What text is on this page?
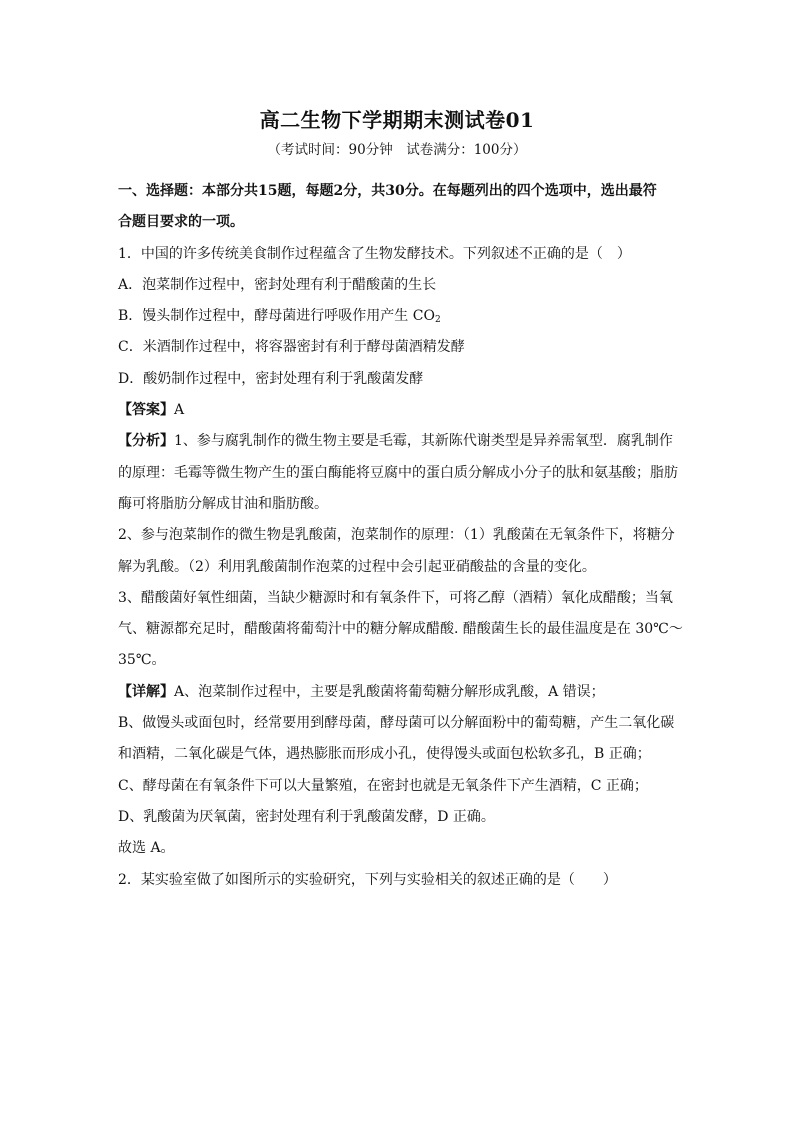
高二生物下学期期末测试卷01
（考试时间：90分钟　试卷满分：100分）
一、选择题：本部分共15题，每题2分，共30分。在每题列出的四个选项中，选出最符
合题目要求的一项。
1．中国的许多传统美食制作过程蕴含了生物发酵技术。下列叙述不正确的是（　）
A．泡菜制作过程中，密封处理有利于醋酸菌的生长
B．馒头制作过程中，酵母菌进行呼吸作用产生 $CO_2$
C．米酒制作过程中，将容器密封有利于酵母菌酒精发酵
D．酸奶制作过程中，密封处理有利于乳酸菌发酵
【答案】A
【分析】1、参与腐乳制作的微生物主要是毛霉，其新陈代谢类型是异养需氧型．腐乳制作
的原理：毛霉等微生物产生的蛋白酶能将豆腐中的蛋白质分解成小分子的肽和氨基酸；脂肪
酶可将脂肪分解成甘油和脂肪酸。
2、参与泡菜制作的微生物是乳酸菌，泡菜制作的原理：（1）乳酸菌在无氧条件下，将糖分
解为乳酸。（2）利用乳酸菌制作泡菜的过程中会引起亚硝酸盐的含量的变化。
3、醋酸菌好氧性细菌，当缺少糖源时和有氧条件下，可将乙醇（酒精）氧化成醋酸；当氧
气、糖源都充足时，醋酸菌将葡萄汁中的糖分解成醋酸. 醋酸菌生长的最佳温度是在 30℃～
35℃。
【详解】A、泡菜制作过程中，主要是乳酸菌将葡萄糖分解形成乳酸，A 错误；
B、做馒头或面包时，经常要用到酵母菌，酵母菌可以分解面粉中的葡萄糖，产生二氧化碳
和酒精，二氧化碳是气体，遇热膨胀而形成小孔，使得馒头或面包松软多孔，B 正确；
C、酵母菌在有氧条件下可以大量繁殖，在密封也就是无氧条件下产生酒精，C 正确；
D、乳酸菌为厌氧菌，密封处理有利于乳酸菌发酵，D 正确。
故选 A。
2．某实验室做了如图所示的实验研究，下列与实验相关的叙述正确的是（　　）
